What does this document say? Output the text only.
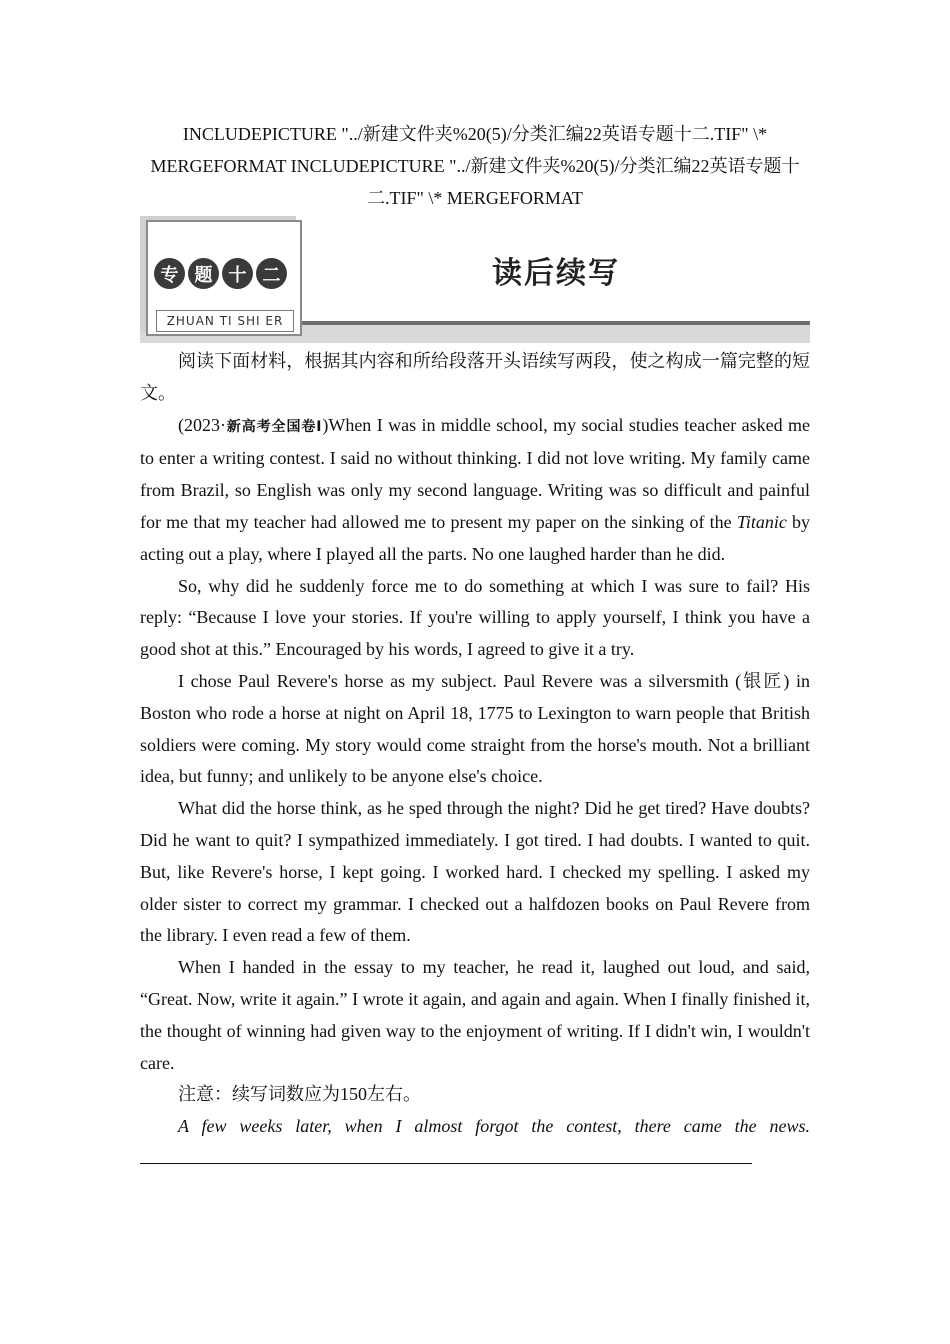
INCLUDEPICTURE "../新建文件夹%20(5)/分类汇编22英语专题十二.TIF" \* MERGEFORMAT INCLUDEPICTURE "../新建文件夹%20(5)/分类汇编22英语专题十二.TIF" \* MERGEFORMAT
专 题 十 二
ZHUAN TI SHI ER
读后续写

阅读下面材料，根据其内容和所给段落开头语续写两段，使之构成一篇完整的短文。

(2023·新高考全国卷Ⅰ)When I was in middle school, my social studies teacher asked me to enter a writing contest. I said no without thinking. I did not love writing. My family came from Brazil, so English was only my second language. Writing was so difficult and painful for me that my teacher had allowed me to present my paper on the sinking of the Titanic by acting out a play, where I played all the parts. No one laughed harder than he did.

So, why did he suddenly force me to do something at which I was sure to fail? His reply: “Because I love your stories. If you're willing to apply yourself, I think you have a good shot at this.” Encouraged by his words, I agreed to give it a try.

I chose Paul Revere's horse as my subject. Paul Revere was a silversmith (银匠) in Boston who rode a horse at night on April 18, 1775 to Lexington to warn people that British soldiers were coming. My story would come straight from the horse's mouth. Not a brilliant idea, but funny; and unlikely to be anyone else's choice.

What did the horse think, as he sped through the night? Did he get tired? Have doubts? Did he want to quit? I sympathized immediately. I got tired. I had doubts. I wanted to quit. But, like Revere's horse, I kept going. I worked hard. I checked my spelling. I asked my older sister to correct my grammar. I checked out a halfdozen books on Paul Revere from the library. I even read a few of them.

When I handed in the essay to my teacher, he read it, laughed out loud, and said, “Great. Now, write it again.” I wrote it again, and again and again. When I finally finished it, the thought of winning had given way to the enjoyment of writing. If I didn't win, I wouldn't care.

注意：续写词数应为150左右。

A few weeks later, when I almost forgot the contest, there came the news.
